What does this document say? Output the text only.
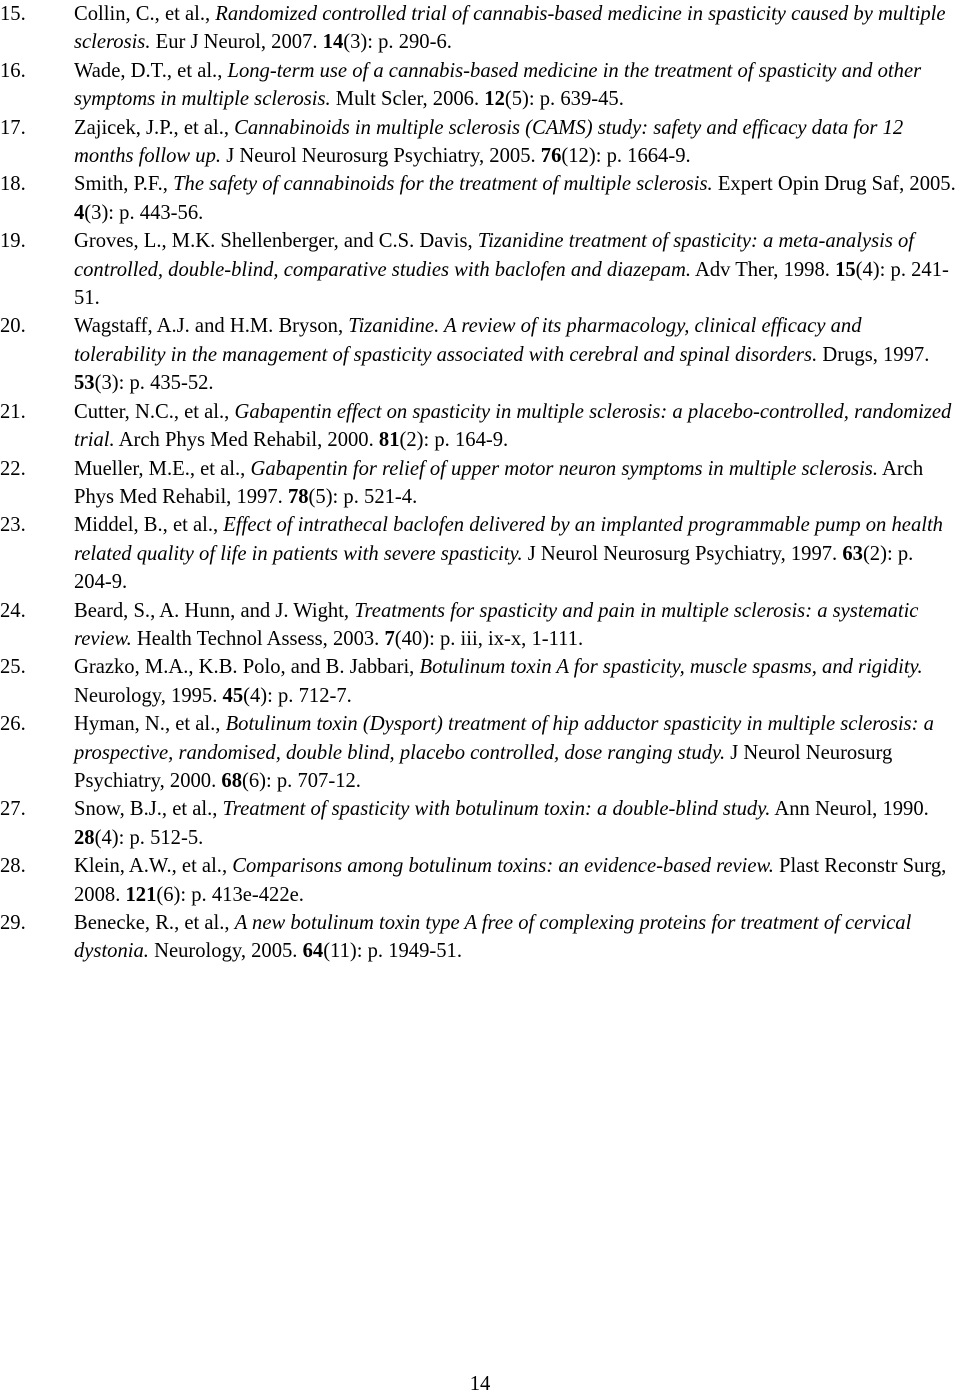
15. Collin, C., et al., Randomized controlled trial of cannabis-based medicine in spasticity caused by multiple sclerosis. Eur J Neurol, 2007. 14(3): p. 290-6.
16. Wade, D.T., et al., Long-term use of a cannabis-based medicine in the treatment of spasticity and other symptoms in multiple sclerosis. Mult Scler, 2006. 12(5): p. 639-45.
17. Zajicek, J.P., et al., Cannabinoids in multiple sclerosis (CAMS) study: safety and efficacy data for 12 months follow up. J Neurol Neurosurg Psychiatry, 2005. 76(12): p. 1664-9.
18. Smith, P.F., The safety of cannabinoids for the treatment of multiple sclerosis. Expert Opin Drug Saf, 2005. 4(3): p. 443-56.
19. Groves, L., M.K. Shellenberger, and C.S. Davis, Tizanidine treatment of spasticity: a meta-analysis of controlled, double-blind, comparative studies with baclofen and diazepam. Adv Ther, 1998. 15(4): p. 241-51.
20. Wagstaff, A.J. and H.M. Bryson, Tizanidine. A review of its pharmacology, clinical efficacy and tolerability in the management of spasticity associated with cerebral and spinal disorders. Drugs, 1997. 53(3): p. 435-52.
21. Cutter, N.C., et al., Gabapentin effect on spasticity in multiple sclerosis: a placebo-controlled, randomized trial. Arch Phys Med Rehabil, 2000. 81(2): p. 164-9.
22. Mueller, M.E., et al., Gabapentin for relief of upper motor neuron symptoms in multiple sclerosis. Arch Phys Med Rehabil, 1997. 78(5): p. 521-4.
23. Middel, B., et al., Effect of intrathecal baclofen delivered by an implanted programmable pump on health related quality of life in patients with severe spasticity. J Neurol Neurosurg Psychiatry, 1997. 63(2): p. 204-9.
24. Beard, S., A. Hunn, and J. Wight, Treatments for spasticity and pain in multiple sclerosis: a systematic review. Health Technol Assess, 2003. 7(40): p. iii, ix-x, 1-111.
25. Grazko, M.A., K.B. Polo, and B. Jabbari, Botulinum toxin A for spasticity, muscle spasms, and rigidity. Neurology, 1995. 45(4): p. 712-7.
26. Hyman, N., et al., Botulinum toxin (Dysport) treatment of hip adductor spasticity in multiple sclerosis: a prospective, randomised, double blind, placebo controlled, dose ranging study. J Neurol Neurosurg Psychiatry, 2000. 68(6): p. 707-12.
27. Snow, B.J., et al., Treatment of spasticity with botulinum toxin: a double-blind study. Ann Neurol, 1990. 28(4): p. 512-5.
28. Klein, A.W., et al., Comparisons among botulinum toxins: an evidence-based review. Plast Reconstr Surg, 2008. 121(6): p. 413e-422e.
29. Benecke, R., et al., A new botulinum toxin type A free of complexing proteins for treatment of cervical dystonia. Neurology, 2005. 64(11): p. 1949-51.
14
